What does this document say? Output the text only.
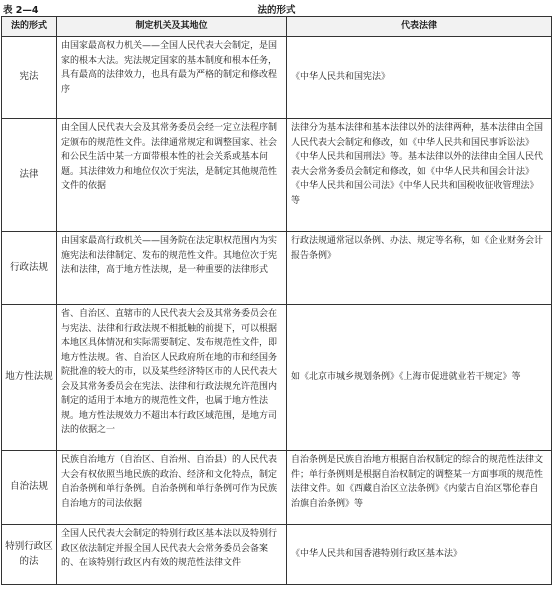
表 2—4	法的形式
法的形式	制定机关及其地位	代表法律
宪法	由国家最高权力机关——全国人民代表大会制定，是国家的根本大法。宪法规定国家的基本制度和根本任务，具有最高的法律效力，也具有最为严格的制定和修改程序	《中华人民共和国宪法》
法律	由全国人民代表大会及其常务委员会经一定立法程序制定颁布的规范性文件。法律通常规定和调整国家、社会和公民生活中某一方面带根本性的社会关系或基本问题。其法律效力和地位仅次于宪法，是制定其他规范性文件的依据	法律分为基本法律和基本法律以外的法律两种，基本法律由全国人民代表大会制定和修改，如《中华人民共和国民事诉讼法》《中华人民共和国刑法》等。基本法律以外的法律由全国人民代表大会常务委员会制定和修改，如《中华人民共和国会计法》《中华人民共和国公司法》《中华人民共和国税收征收管理法》等
行政法规	由国家最高行政机关——国务院在法定职权范围内为实施宪法和法律制定、发布的规范性文件。其地位次于宪法和法律，高于地方性法规，是一种重要的法律形式	行政法规通常冠以条例、办法、规定等名称，如《企业财务会计报告条例》
地方性法规	省、自治区、直辖市的人民代表大会及其常务委员会在与宪法、法律和行政法规不相抵触的前提下，可以根据本地区具体情况和实际需要制定、发布规范性文件，即地方性法规。省、自治区人民政府所在地的市和经国务院批准的较大的市，以及某些经济特区市的人民代表大会及其常务委员会在宪法、法律和行政法规允许范围内制定的适用于本地方的规范性文件，也属于地方性法规。地方性法规效力不超出本行政区域范围，是地方司法的依据之一	如《北京市城乡规划条例》《上海市促进就业若干规定》等
自治法规	民族自治地方（自治区、自治州、自治县）的人民代表大会有权依照当地民族的政治、经济和文化特点，制定自治条例和单行条例。自治条例和单行条例可作为民族自治地方的司法依据	自治条例是民族自治地方根据自治权制定的综合的规范性法律文件；单行条例则是根据自治权制定的调整某一方面事项的规范性法律文件。如《西藏自治区立法条例》《内蒙古自治区鄂伦春自治旗自治条例》等
特别行政区的法	全国人民代表大会制定的特别行政区基本法以及特别行政区依法制定并报全国人民代表大会常务委员会备案的、在该特别行政区内有效的规范性法律文件	《中华人民共和国香港特别行政区基本法》
